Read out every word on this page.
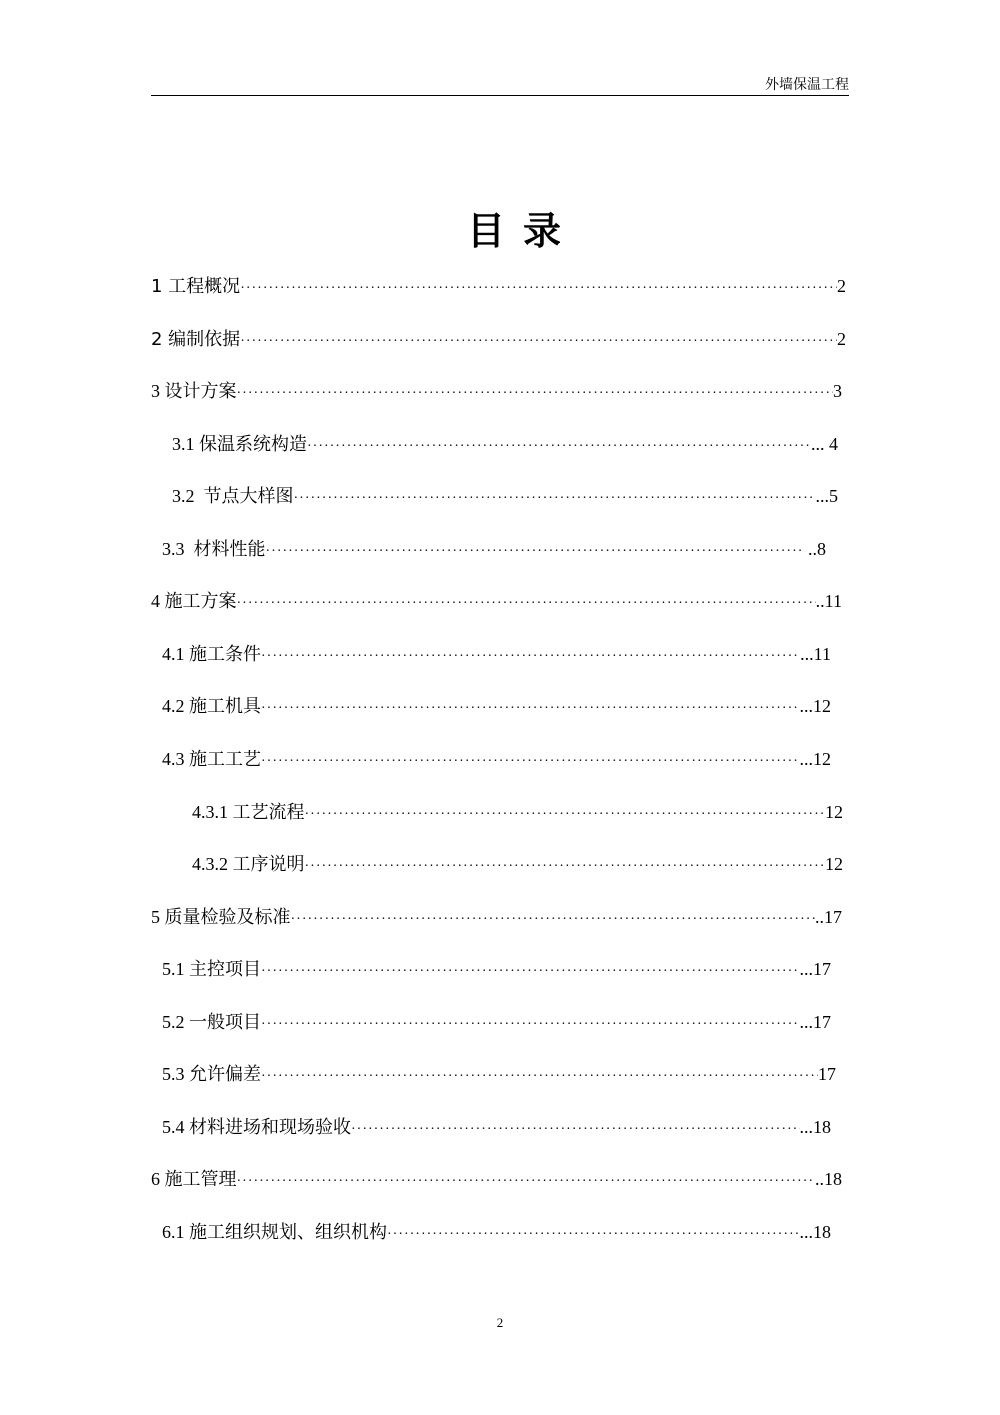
外墙保温工程
目录
1 工程概况 ·····	2
2 编制依据 ·····	2
3 设计方案 ·····	3
3.1 保温系统构造 ·····	... 4
3.2  节点大样图 ·····	...5
3.3  材料性能 ·····	..8
4 施工方案 ·····	..11
4.1 施工条件 ·····	...11
4.2 施工机具 ·····	...12
4.3 施工工艺 ·····	...12
4.3.1 工艺流程 ·····	12
4.3.2 工序说明 ·····	12
5 质量检验及标准 ·····	..17
5.1 主控项目 ·····	...17
5.2 一般项目 ·····	...17
5.3 允许偏差 ·····	17
5.4 材料进场和现场验收 ·····	...18
6 施工管理 ·····	..18
6.1 施工组织规划、组织机构 ·····	...18
2
